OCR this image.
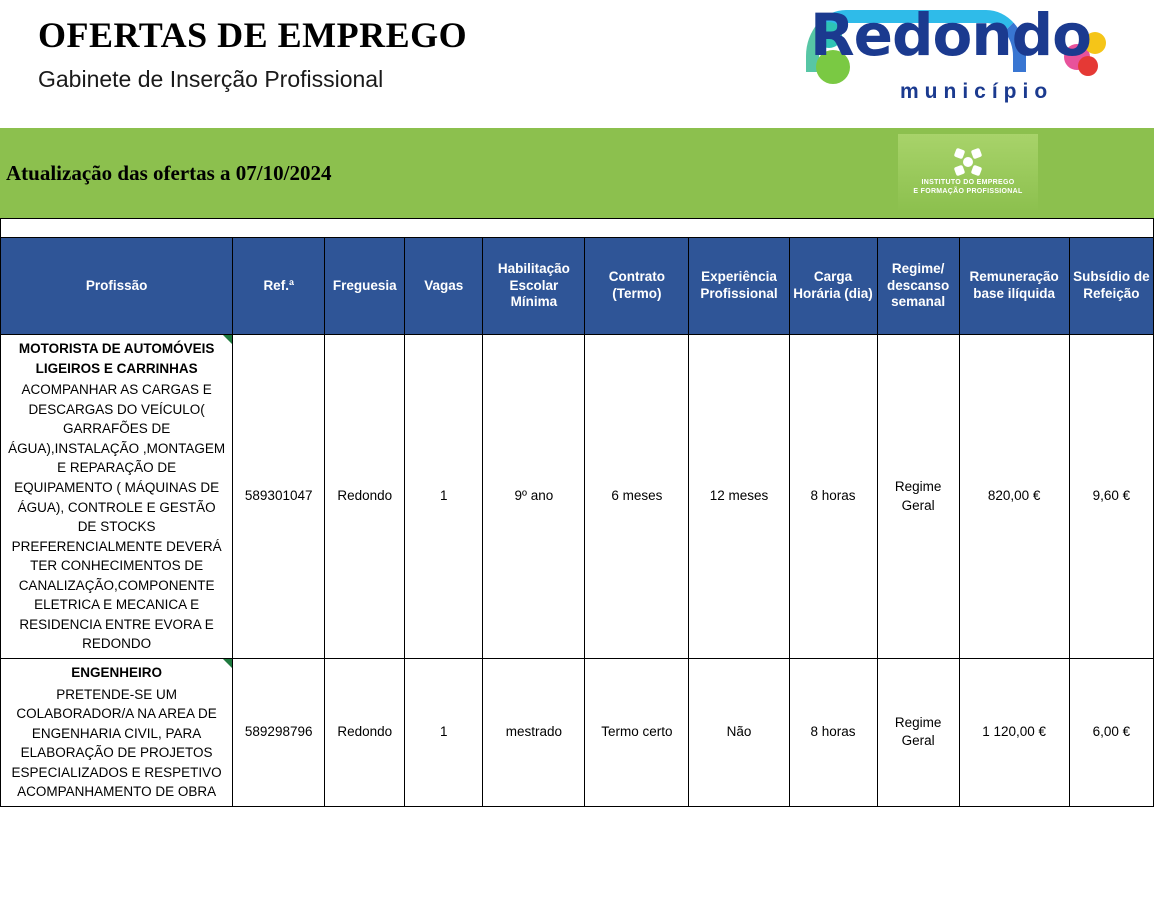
OFERTAS DE EMPREGO
Gabinete de Inserção Profissional
Redondo
município
Atualização das ofertas a 07/10/2024	INSTITUTO DO EMPREGO
E FORMAÇÃO PROFISSIONAL

Profissão	Ref.ª	Freguesia	Vagas	Habilitação Escolar Mínima	Contrato (Termo)	Experiência Profissional	Carga Horária (dia)	Regime/ descanso semanal	Remuneração base ilíquida	Subsídio de Refeição

MOTORISTA DE AUTOMÓVEIS LIGEIROS E CARRINHAS
ACOMPANHAR AS CARGAS E DESCARGAS DO VEÍCULO( GARRAFÕES DE ÁGUA),INSTALAÇÃO ,MONTAGEM E REPARAÇÃO DE EQUIPAMENTO ( MÁQUINAS DE ÁGUA), CONTROLE E GESTÃO DE STOCKS PREFERENCIALMENTE DEVERÁ TER CONHECIMENTOS DE CANALIZAÇÃO,COMPONENTE ELETRICA E MECANICA E RESIDENCIA ENTRE EVORA E REDONDO	589301047	Redondo	1	9º ano	6 meses	12 meses	8 horas	Regime Geral	820,00 €	9,60 €

ENGENHEIRO
PRETENDE-SE UM COLABORADOR/A NA AREA DE ENGENHARIA CIVIL, PARA ELABORAÇÃO DE PROJETOS ESPECIALIZADOS E RESPETIVO ACOMPANHAMENTO DE OBRA	589298796	Redondo	1	mestrado	Termo certo	Não	8 horas	Regime Geral	1 120,00 €	6,00 €
